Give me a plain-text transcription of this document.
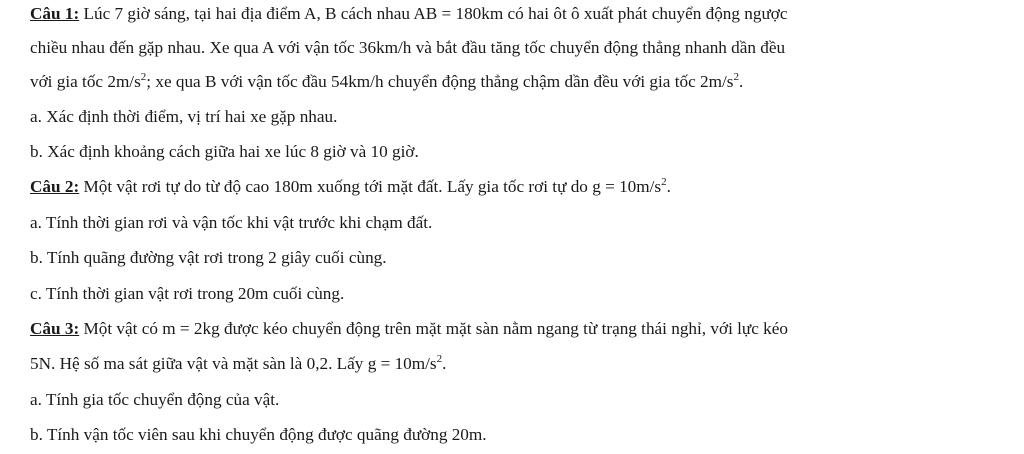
Câu 1: Lúc 7 giờ sáng, tại hai địa điểm A, B cách nhau AB = 180km có hai ôt ô xuất phát chuyển động ngược
chiều nhau đến gặp nhau. Xe qua A với vận tốc 36km/h và bắt đầu tăng tốc chuyển động thẳng nhanh dần đều
với gia tốc $2m/s^2$; xe qua B với vận tốc đầu 54km/h chuyển động thẳng chậm dần đều với gia tốc $2m/s^2$.
a. Xác định thời điểm, vị trí hai xe gặp nhau.
b. Xác định khoảng cách giữa hai xe lúc 8 giờ và 10 giờ.
Câu 2: Một vật rơi tự do từ độ cao 180m xuống tới mặt đất. Lấy gia tốc rơi tự do $g = 10m/s^2$.
a. Tính thời gian rơi và vận tốc khi vật trước khi chạm đất.
b. Tính quãng đường vật rơi trong 2 giây cuối cùng.
c. Tính thời gian vật rơi trong 20m cuối cùng.
Câu 3: Một vật có m = 2kg được kéo chuyển động trên mặt mặt sàn nằm ngang từ trạng thái nghỉ, với lực kéo
5N. Hệ số ma sát giữa vật và mặt sàn là 0,2. Lấy $g = 10m/s^2$.
a. Tính gia tốc chuyển động của vật.
b. Tính vận tốc viên sau khi chuyển động được quãng đường 20m.
